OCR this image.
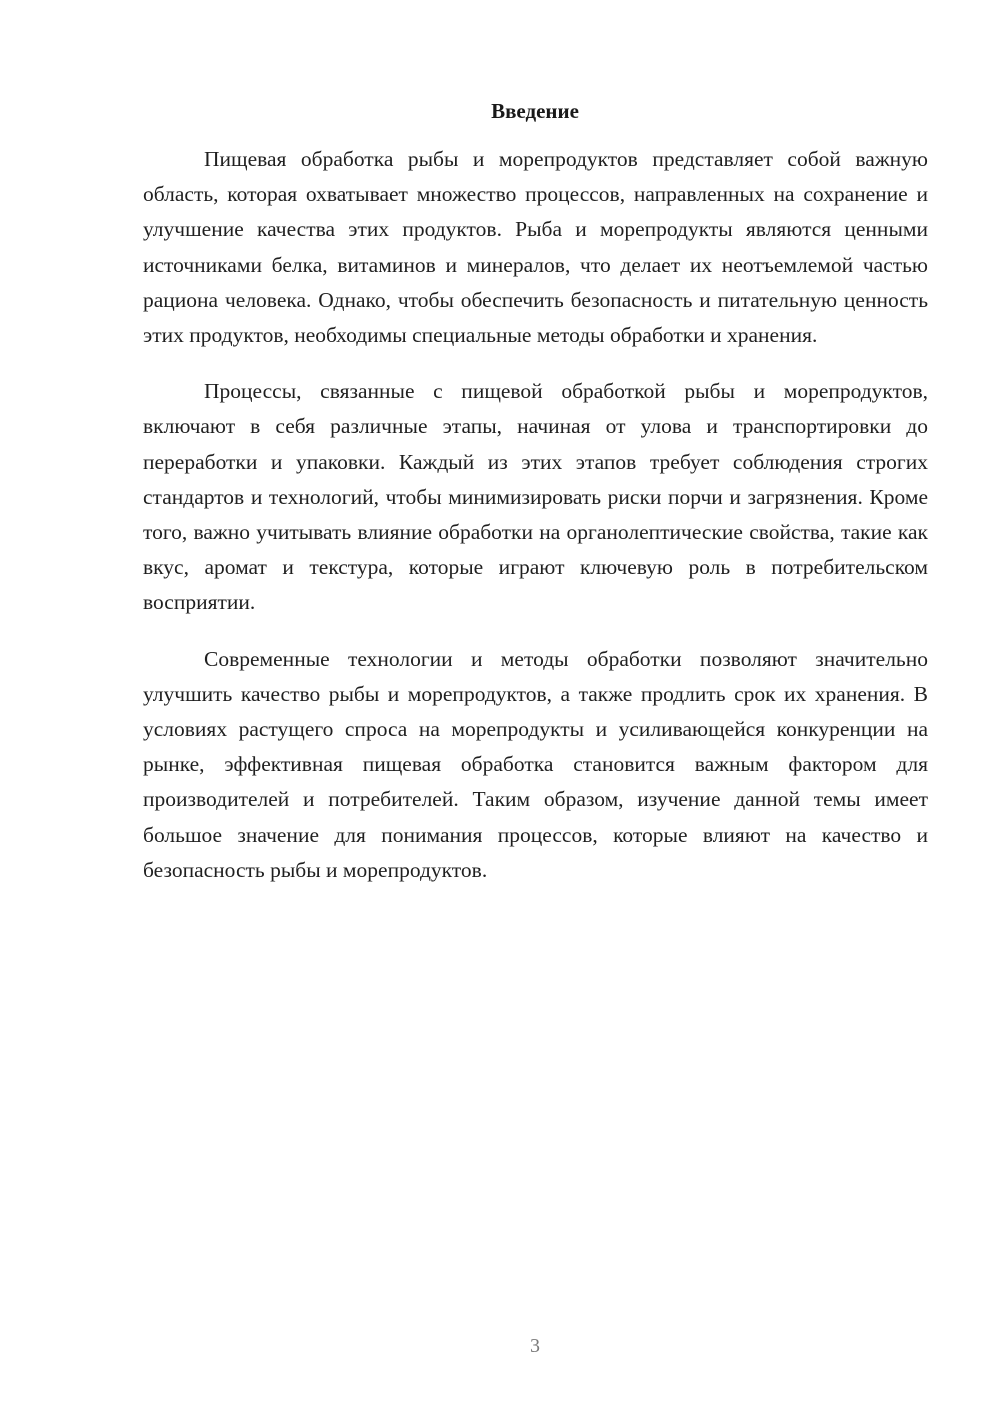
Введение

Пищевая обработка рыбы и морепродуктов представляет собой важную область, которая охватывает множество процессов, направленных на сохранение и улучшение качества этих продуктов. Рыба и морепродукты являются ценными источниками белка, витаминов и минералов, что делает их неотъемлемой частью рациона человека. Однако, чтобы обеспечить безопасность и питательную ценность этих продуктов, необходимы специальные методы обработки и хранения.

Процессы, связанные с пищевой обработкой рыбы и морепродуктов, включают в себя различные этапы, начиная от улова и транспортировки до переработки и упаковки. Каждый из этих этапов требует соблюдения строгих стандартов и технологий, чтобы минимизировать риски порчи и загрязнения. Кроме того, важно учитывать влияние обработки на органолептические свойства, такие как вкус, аромат и текстура, которые играют ключевую роль в потребительском восприятии.

Современные технологии и методы обработки позволяют значительно улучшить качество рыбы и морепродуктов, а также продлить срок их хранения. В условиях растущего спроса на морепродукты и усиливающейся конкуренции на рынке, эффективная пищевая обработка становится важным фактором для производителей и потребителей. Таким образом, изучение данной темы имеет большое значение для понимания процессов, которые влияют на качество и безопасность рыбы и морепродуктов.

3
